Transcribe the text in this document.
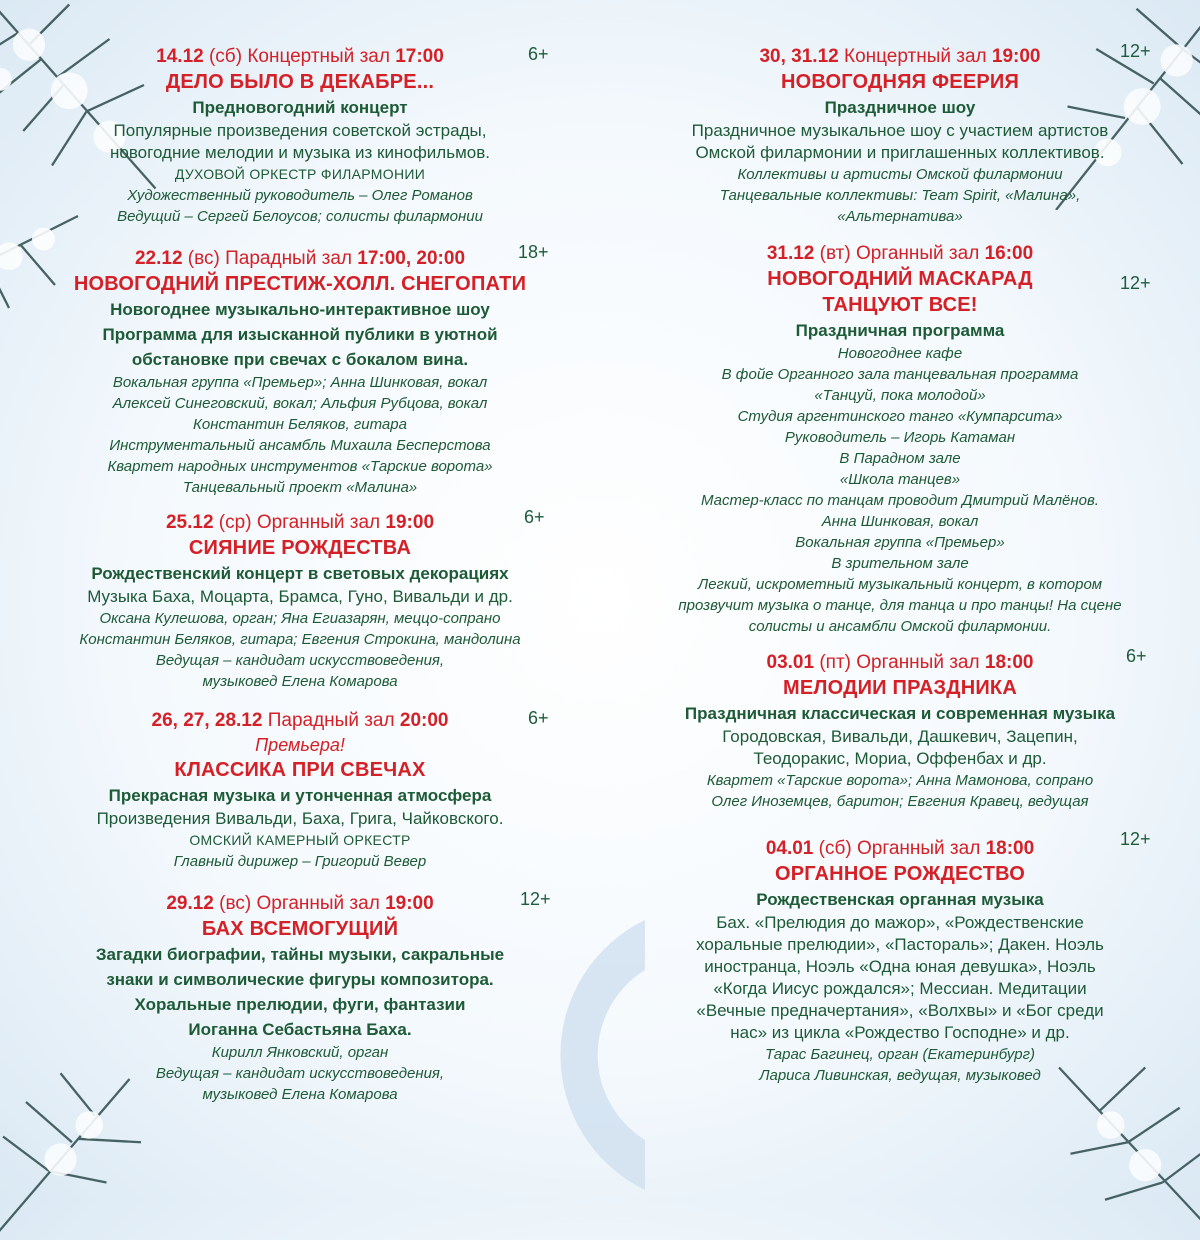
14.12 (сб) Концертный зал 17:00	6+
ДЕЛО БЫЛО В ДЕКАБРЕ...
Предновогодний концерт
Популярные произведения советской эстрады,
новогодние мелодии и музыка из кинофильмов.
ДУХОВОЙ ОРКЕСТР ФИЛАРМОНИИ
Художественный руководитель – Олег Романов
Ведущий – Сергей Белоусов; солисты филармонии
22.12 (вс) Парадный зал 17:00, 20:00	18+
НОВОГОДНИЙ ПРЕСТИЖ-ХОЛЛ. СНЕГОПАТИ
Новогоднее музыкально-интерактивное шоу
Программа для изысканной публики в уютной
обстановке при свечах с бокалом вина.
Вокальная группа «Премьер»; Анна Шинковая, вокал
Алексей Синеговский, вокал; Альфия Рубцова, вокал
Константин Беляков, гитара
Инструментальный ансамбль Михаила Бесперстова
Квартет народных инструментов «Тарские ворота»
Танцевальный проект «Малина»
25.12 (ср) Органный зал 19:00	6+
СИЯНИЕ РОЖДЕСТВА
Рождественский концерт в световых декорациях
Музыка Баха, Моцарта, Брамса, Гуно, Вивальди и др.
Оксана Кулешова, орган; Яна Егиазарян, меццо-сопрано
Константин Беляков, гитара; Евгения Строкина, мандолина
Ведущая – кандидат искусствоведения,
музыковед Елена Комарова
26, 27, 28.12 Парадный зал 20:00	6+
Премьера!
КЛАССИКА ПРИ СВЕЧАХ
Прекрасная музыка и утонченная атмосфера
Произведения Вивальди, Баха, Грига, Чайковского.
ОМСКИЙ КАМЕРНЫЙ ОРКЕСТР
Главный дирижер – Григорий Вевер
29.12 (вс) Органный зал 19:00	12+
БАХ ВСЕМОГУЩИЙ
Загадки биографии, тайны музыки, сакральные
знаки и символические фигуры композитора.
Хоральные прелюдии, фуги, фантазии
Иоганна Себастьяна Баха.
Кирилл Янковский, орган
Ведущая – кандидат искусствоведения,
музыковед Елена Комарова
30, 31.12 Концертный зал 19:00	12+
НОВОГОДНЯЯ ФЕЕРИЯ
Праздничное шоу
Праздничное музыкальное шоу с участием артистов
Омской филармонии и приглашенных коллективов.
Коллективы и артисты Омской филармонии
Танцевальные коллективы: Team Spirit, «Малина»,
«Альтернатива»
31.12 (вт) Органный зал 16:00
12+
НОВОГОДНИЙ МАСКАРАД
ТАНЦУЮТ ВСЕ!
Праздничная программа
Новогоднее кафе
В фойе Органного зала танцевальная программа
«Танцуй, пока молодой»
Студия аргентинского танго «Кумпарсита»
Руководитель – Игорь Катаман
В Парадном зале
«Школа танцев»
Мастер-класс по танцам проводит Дмитрий Малёнов.
Анна Шинковая, вокал
Вокальная группа «Премьер»
В зрительном зале
Легкий, искрометный музыкальный концерт, в котором
прозвучит музыка о танце, для танца и про танцы! На сцене
солисты и ансамбли Омской филармонии.
03.01 (пт) Органный зал 18:00	6+
МЕЛОДИИ ПРАЗДНИКА
Праздничная классическая и современная музыка
Городовская, Вивальди, Дашкевич, Зацепин,
Теодоракис, Мориа, Оффенбах и др.
Квартет «Тарские ворота»; Анна Мамонова, сопрано
Олег Иноземцев, баритон; Евгения Кравец, ведущая
04.01 (сб) Органный зал 18:00	12+
ОРГАННОЕ РОЖДЕСТВО
Рождественская органная музыка
Бах. «Прелюдия до мажор», «Рождественские
хоральные прелюдии», «Пастораль»; Дакен. Ноэль
иностранца, Ноэль «Одна юная девушка», Ноэль
«Когда Иисус рождался»; Мессиан. Медитации
«Вечные предначертания», «Волхвы» и «Бог среди
нас» из цикла «Рождество Господне» и др.
Тарас Багинец, орган (Екатеринбург)
Лариса Ливинская, ведущая, музыковед
